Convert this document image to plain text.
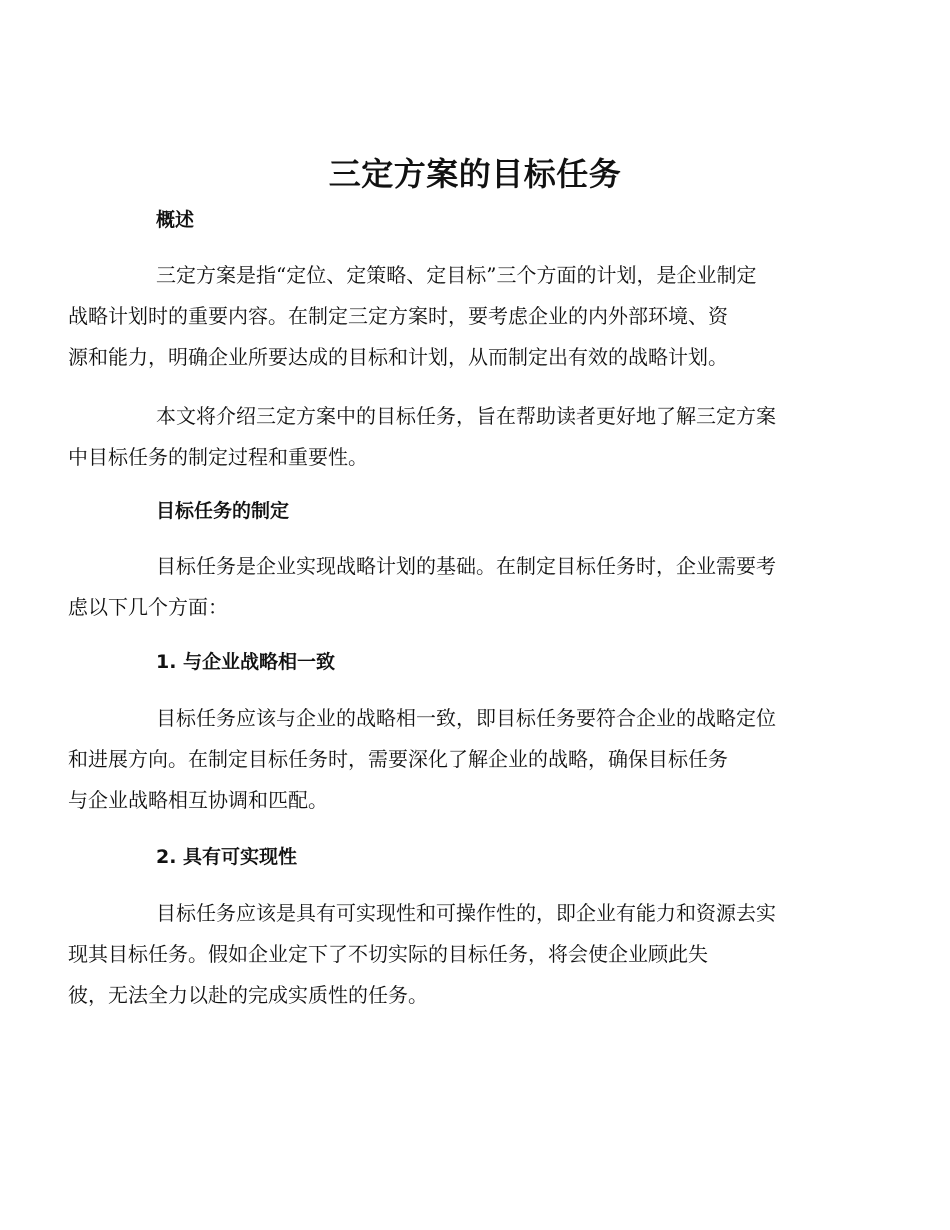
三定方案的目标任务
概述

三定方案是指“定位、定策略、定目标”三个方面的计划，是企业制定
战略计划时的重要内容。在制定三定方案时，要考虑企业的内外部环境、资
源和能力，明确企业所要达成的目标和计划，从而制定出有效的战略计划。

本文将介绍三定方案中的目标任务，旨在帮助读者更好地了解三定方案
中目标任务的制定过程和重要性。

目标任务的制定

目标任务是企业实现战略计划的基础。在制定目标任务时，企业需要考
虑以下几个方面：

1. 与企业战略相一致

目标任务应该与企业的战略相一致，即目标任务要符合企业的战略定位
和进展方向。在制定目标任务时，需要深化了解企业的战略，确保目标任务
与企业战略相互协调和匹配。

2. 具有可实现性

目标任务应该是具有可实现性和可操作性的，即企业有能力和资源去实
现其目标任务。假如企业定下了不切实际的目标任务，将会使企业顾此失
彼，无法全力以赴的完成实质性的任务。
